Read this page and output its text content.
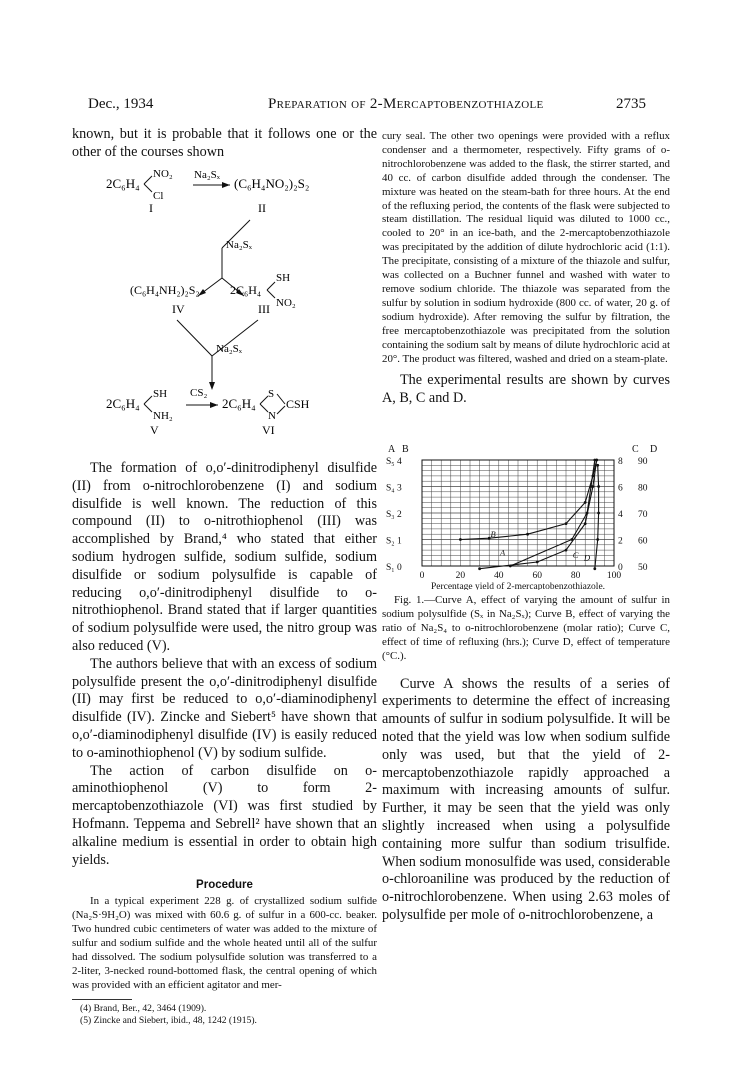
Dec., 1934	Preparation of 2-Mercaptobenzothiazole	2735

known, but it is probable that it follows one or the other of the courses shown

2C₆H₄
NO₂
Cl
Na₂Sₓ
(C₆H₄NO₂)₂S₂
I	II
Na₂Sₓ
(C₆H₄NH₂)₂S₂	2C₆H₄
SH
NO₂
IV	III
Na₂Sₓ
2C₆H₄
SH
NH₂
CS₂
2C₆H₄
S
N
CSH
V	VI

The formation of o,o′-dinitrodiphenyl disulfide (II) from o-nitrochlorobenzene (I) and sodium disulfide is well known. The reduction of this compound (II) to o-nitrothiophenol (III) was accomplished by Brand,⁴ who stated that either sodium hydrogen sulfide, sodium sulfide, sodium disulfide or sodium polysulfide is capable of reducing o,o′-dinitrodiphenyl disulfide to o-nitrothiophenol. Brand stated that if larger quantities of sodium polysulfide were used, the nitro group was also reduced (V).

The authors believe that with an excess of sodium polysulfide present the o,o′-dinitrodiphenyl disulfide (II) may first be reduced to o,o′-diaminodiphenyl disulfide (IV). Zincke and Siebert⁵ have shown that o,o′-diaminodiphenyl disulfide (IV) is easily reduced to o-aminothiophenol (V) by sodium sulfide.

The action of carbon disulfide on o-aminothiophenol (V) to form 2-mercaptobenzothiazole (VI) was first studied by Hofmann. Teppema and Sebrell² have shown that an alkaline medium is essential in order to obtain high yields.

Procedure

In a typical experiment 228 g. of crystallized sodium sulfide (Na₂S·9H₂O) was mixed with 60.6 g. of sulfur in a 600-cc. beaker. Two hundred cubic centimeters of water was added to the mixture of sulfur and sodium sulfide and the whole heated until all of the sulfur had dissolved. The sodium polysulfide solution was transferred to a 2-liter, 3-necked round-bottomed flask, the central opening of which was provided with an efficient agitator and mer-

(4) Brand, Ber., 42, 3464 (1909).
(5) Zincke and Siebert, ibid., 48, 1242 (1915).

cury seal. The other two openings were provided with a reflux condenser and a thermometer, respectively. Fifty grams of o-nitrochlorobenzene was added to the flask, the stirrer started, and 40 cc. of carbon disulfide added through the condenser. The mixture was heated on the steam-bath for three hours. At the end of the refluxing period, the contents of the flask were subjected to steam distillation. The residual liquid was diluted to 1000 cc., cooled to 20° in an ice-bath, and the 2-mercaptobenzothiazole was precipitated by the addition of dilute hydrochloric acid (1:1). The precipitate, consisting of a mixture of the thiazole and sulfur, was collected on a Buchner funnel and washed with water to remove sodium chloride. The thiazole was separated from the sulfur by solution in sodium hydroxide (800 cc. of water, 20 g. of sodium hydroxide). After removing the sulfur by filtration, the free mercaptobenzothiazole was precipitated from the solution containing the sodium salt by means of dilute hydrochloric acid at 20°. The product was filtered, washed and dried on a steam-plate.

The experimental results are shown by curves A, B, C and D.

A B	C D
S₁ 0
S₂ 1
S₃ 2
S₄ 3
S₅ 4
0
2
4
6
8
50
60
70
80
90
0	20	40	60	80	100
Percentage yield of 2-mercaptobenzothiazole.
B
A	C D

Fig. 1.—Curve A, effect of varying the amount of sulfur in sodium polysulfide (Sₓ in Na₂Sₓ); Curve B, effect of varying the ratio of Na₂S₄ to o-nitrochlorobenzene (molar ratio); Curve C, effect of time of refluxing (hrs.); Curve D, effect of temperature (°C.).

Curve A shows the results of a series of experiments to determine the effect of increasing amounts of sulfur in sodium polysulfide. It will be noted that the yield was low when sodium sulfide only was used, but that the yield of 2-mercaptobenzothiazole rapidly approached a maximum with increasing amounts of sulfur. Further, it may be seen that the yield was only slightly increased when using a polysulfide containing more sulfur than sodium trisulfide. When sodium monosulfide was used, considerable o-chloroaniline was produced by the reduction of o-nitrochlorobenzene. When using 2.63 moles of polysulfide per mole of o-nitrochlorobenzene, a
